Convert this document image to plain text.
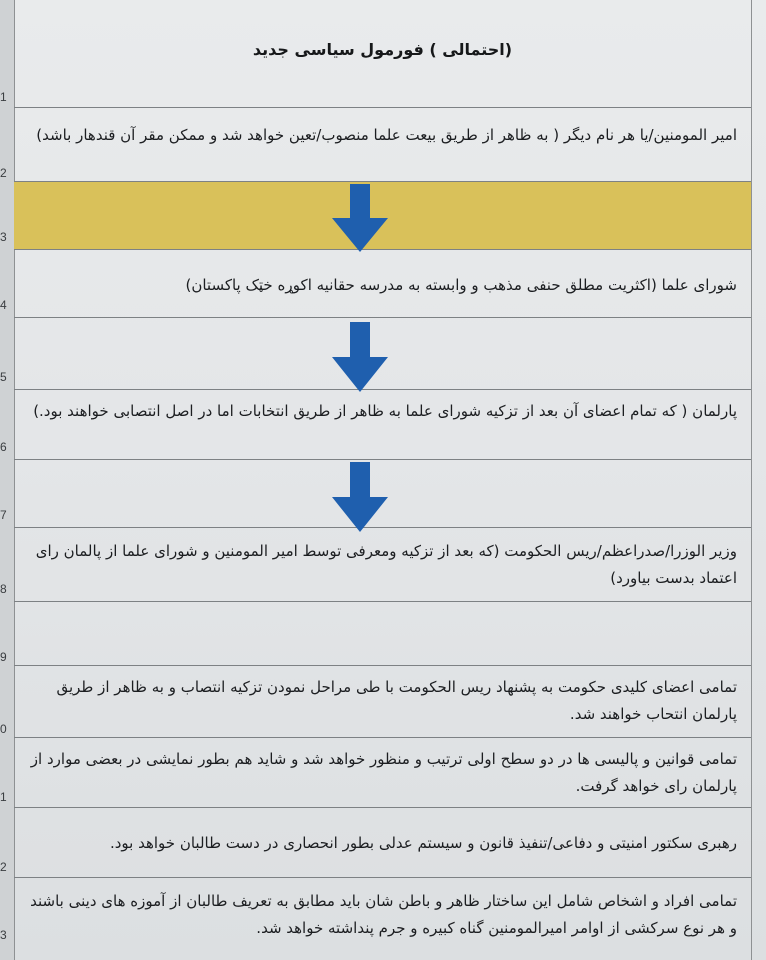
1
2
3
4
5
6
7
8
9
0
1
2
3
(احتمالی ) فورمول سیاسی جدید
امیر المومنین/یا هر نام دیگر ( به ظاهر از طریق بیعت علما منصوب/تعین خواهد شد و ممکن مقر آن قندهار باشد)
شورای علما (اکثریت مطلق حنفی مذهب و وابسته به مدرسه حقانیه اکوړه خټک پاکستان)
پارلمان ( که تمام اعضای آن بعد از تزکیه شورای علما به ظاهر از طریق انتخابات اما در اصل انتصابی خواهند بود.)
وزیر الوزرا/صدراعظم/ریس الحکومت (که بعد از تزکیه ومعرفی توسط امیر المومنین و شورای علما از پالمان رای اعتماد بدست بیاورد)
تمامی اعضای کلیدی حکومت به پشنهاد ریس الحکومت با طی مراحل نمودن تزکیه انتصاب و به ظاهر از طریق پارلمان انتحاب خواهند شد.
تمامی قوانین و پالیسی ها در دو سطح اولی ترتیب و منظور خواهد شد و شاید هم بطور نمایشی در بعضی موارد از پارلمان رای خواهد گرفت.
رهبری سکتور امنیتی و دفاعی/تنفیذ قانون و سیستم عدلی بطور انحصاری در دست طالبان خواهد بود.
تمامی افراد و اشخاص شامل این ساختار ظاهر و باطن شان باید مطابق به تعریف طالبان از آموزه های دینی باشند و هر نوع سرکشی از اوامر امیرالمومنین گناه کبیره و جرم پنداشته خواهد شد.
